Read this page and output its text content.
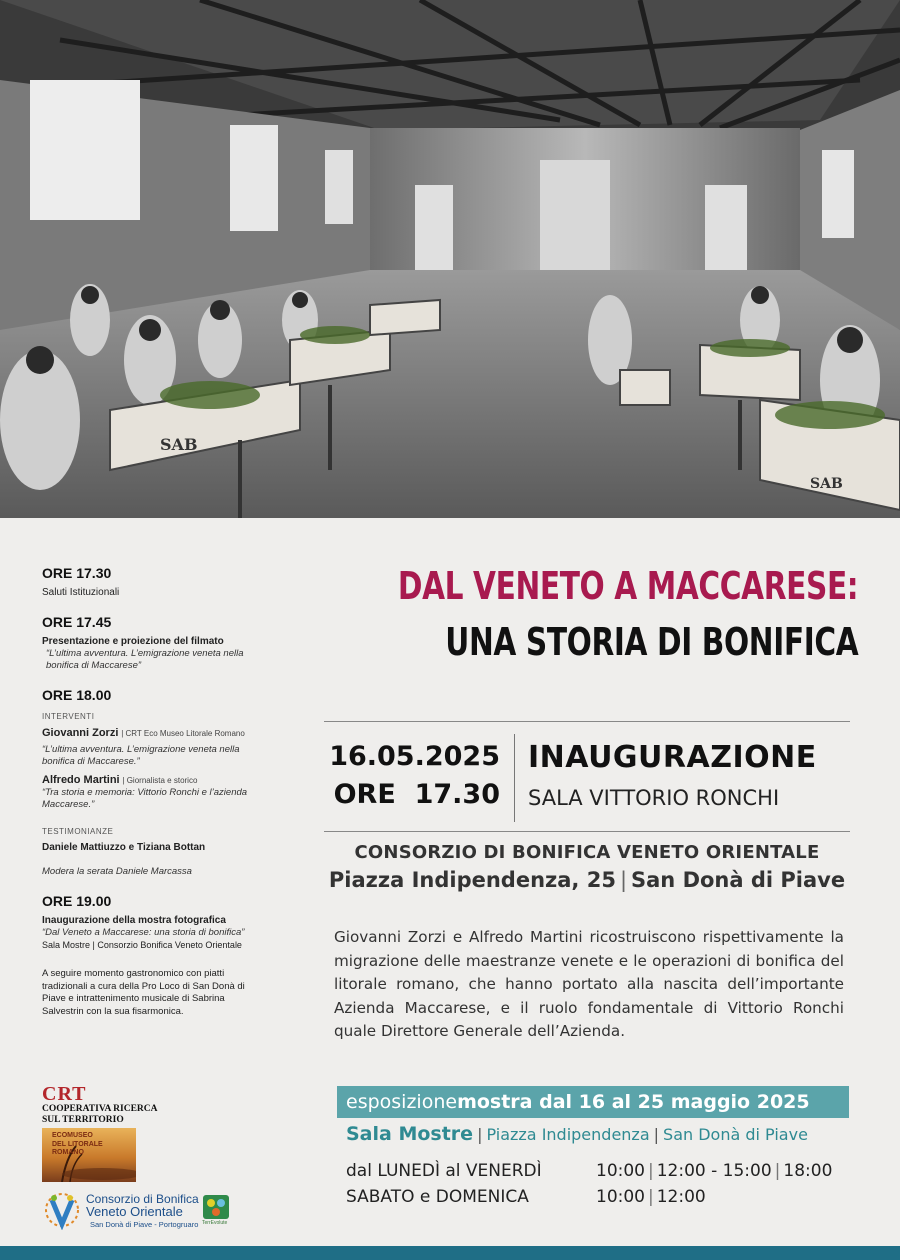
SAB
SAB
ORE 17.30
Saluti Istituzionali
ORE 17.45
Presentazione e proiezione del filmato
“L’ultima avventura. L’emigrazione veneta nella bonifica di Maccarese”
ORE 18.00
INTERVENTI
Giovanni Zorzi | CRT Eco Museo Litorale Romano
“L’ultima avventura. L’emigrazione veneta nella bonifica di Maccarese.”
Alfredo Martini | Giornalista e storico
“Tra storia e memoria: Vittorio Ronchi e l’azienda Maccarese.”
TESTIMONIANZE
Daniele Mattiuzzo e Tiziana Bottan
Modera la serata Daniele Marcassa
ORE 19.00
Inaugurazione della mostra fotografica
“Dal Veneto a Maccarese: una storia di bonifica”
Sala Mostre | Consorzio Bonifica Veneto Orientale
A seguire momento gastronomico con piatti tradizionali a cura della Pro Loco di San Donà di Piave e intrattenimento musicale di Sabrina Salvestrin con la sua fisarmonica.
DAL VENETO A MACCARESE:
UNA STORIA DI BONIFICA
16.05.2025
ORE  17.30
INAUGURAZIONE
SALA VITTORIO RONCHI
CONSORZIO DI BONIFICA VENETO ORIENTALE
Piazza Indipendenza, 25 | San Donà di Piave
Giovanni Zorzi e Alfredo Martini ricostruiscono rispettivamente la migrazione delle maestranze venete e le operazioni di bonifica del litorale romano, che hanno portato alla nascita dell’importante Azienda Maccarese, e il ruolo fondamentale di Vittorio Ronchi quale Direttore Generale dell’Azienda.
esposizionemostra dal 16 al 25 maggio 2025
Sala Mostre | Piazza Indipendenza | San Donà di Piave
dal LUNEDÌ al VENERDÌ	10:00 | 12:00 - 15:00 | 18:00
SABATO e DOMENICA	10:00 | 12:00
CRT
COOPERATIVA RICERCA
SUL TERRITORIO
ECOMUSEO
DEL LITORALE
ROMANO
Consorzio di Bonifica
Veneto Orientale
San Donà di Piave - Portogruaro TerrEvolute
